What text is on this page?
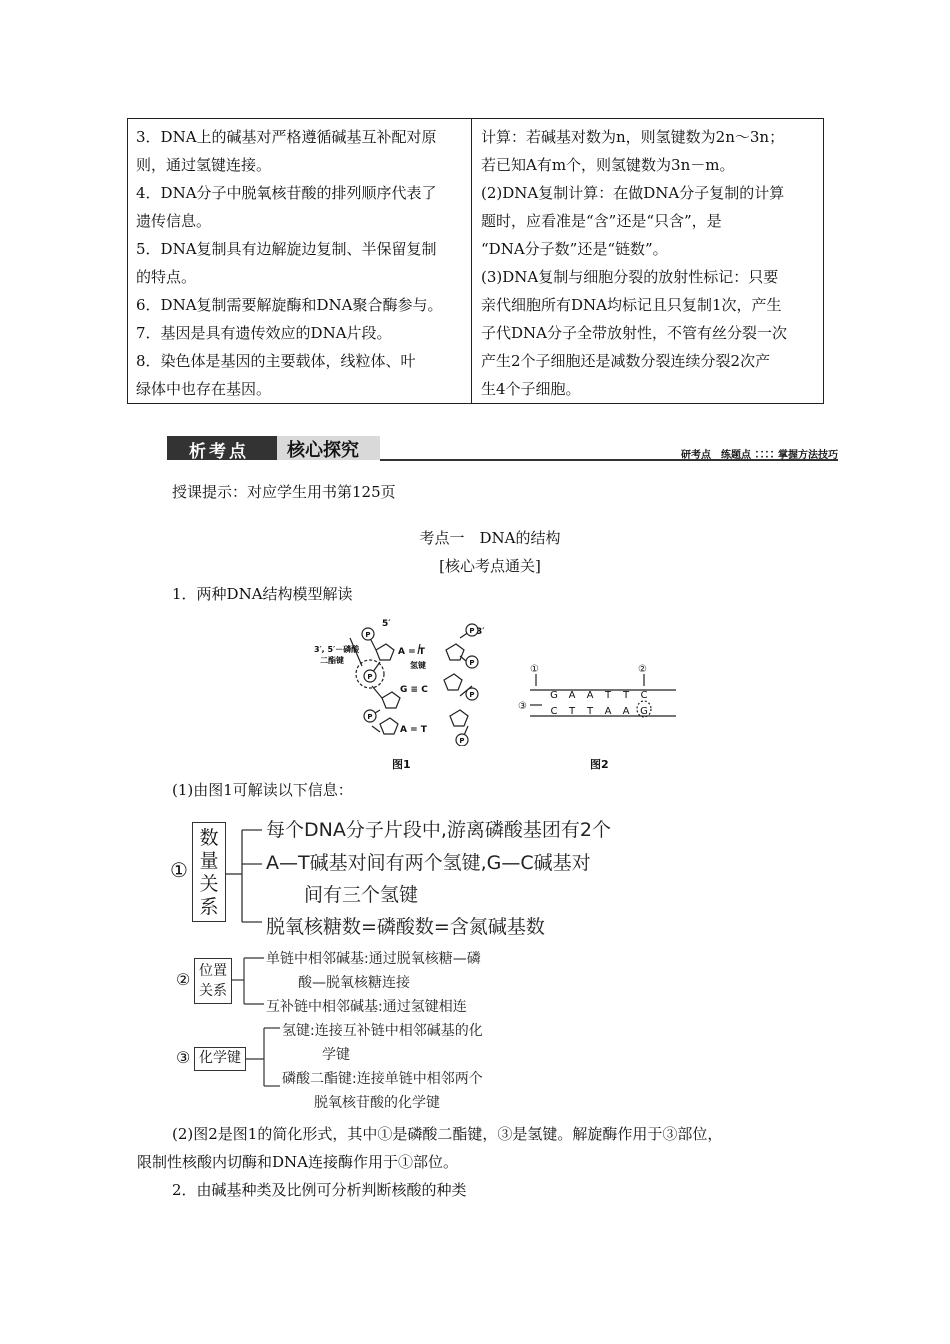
3．DNA上的碱基对严格遵循碱基互补配对原
则，通过氢键连接。
4．DNA分子中脱氧核苷酸的排列顺序代表了
遗传信息。
5．DNA复制具有边解旋边复制、半保留复制
的特点。
6．DNA复制需要解旋酶和DNA聚合酶参与。
7．基因是具有遗传效应的DNA片段。
8．染色体是基因的主要载体，线粒体、叶
绿体中也存在基因。
计算：若碱基对数为n，则氢键数为2n～3n；
若已知A有m个，则氢键数为3n－m。
(2)DNA复制计算：在做DNA分子复制的计算
题时，应看准是“含”还是“只含”，是
“DNA分子数”还是“链数”。
(3)DNA复制与细胞分裂的放射性标记：只要
亲代细胞所有DNA均标记且只复制1次，产生
子代DNA分子全带放射性，不管有丝分裂一次
产生2个子细胞还是减数分裂连续分裂2次产
生4个子细胞。
析考点 核心探究	研考点　练题点 ∷∷ 掌握方法技巧
授课提示：对应学生用书第125页
考点一　DNA的结构
[核心考点通关]
1．两种DNA结构模型解读
P
P
P
P
P
P
P
5′
3′
3′, 5′－磷酸
二酯键
氢键
A = T
G ≡ C
A = T
图1
①	②
③
G A A T T C
C T T A A G
图2
(1)由图1可解读以下信息：
①
数
量
关
系
每个DNA分子片段中,游离磷酸基团有2个
A—T碱基对间有两个氢键,G—C碱基对
间有三个氢键
脱氧核糖数=磷酸数=含氮碱基数
② 位置
关系
单链中相邻碱基:通过脱氧核糖—磷
酸—脱氧核糖连接
互补链中相邻碱基:通过氢键相连
③ 化学键
氢键:连接互补链中相邻碱基的化
学键
磷酸二酯键:连接单链中相邻两个
脱氧核苷酸的化学键
(2)图2是图1的简化形式，其中①是磷酸二酯键，③是氢键。解旋酶作用于③部位，
限制性核酸内切酶和DNA连接酶作用于①部位。
2．由碱基种类及比例可分析判断核酸的种类
